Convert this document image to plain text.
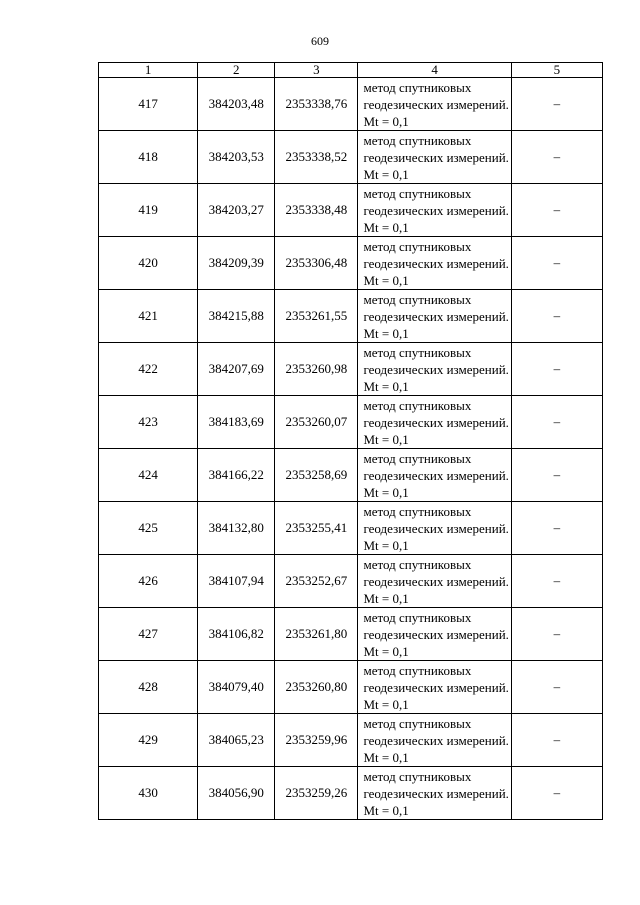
609
1	2	3	4	5
417	384203,48	2353338,76	метод спутниковых геодезических измерений. Mt = 0,1	–
418	384203,53	2353338,52	метод спутниковых геодезических измерений. Mt = 0,1	–
419	384203,27	2353338,48	метод спутниковых геодезических измерений. Mt = 0,1	–
420	384209,39	2353306,48	метод спутниковых геодезических измерений. Mt = 0,1	–
421	384215,88	2353261,55	метод спутниковых геодезических измерений. Mt = 0,1	–
422	384207,69	2353260,98	метод спутниковых геодезических измерений. Mt = 0,1	–
423	384183,69	2353260,07	метод спутниковых геодезических измерений. Mt = 0,1	–
424	384166,22	2353258,69	метод спутниковых геодезических измерений. Mt = 0,1	–
425	384132,80	2353255,41	метод спутниковых геодезических измерений. Mt = 0,1	–
426	384107,94	2353252,67	метод спутниковых геодезических измерений. Mt = 0,1	–
427	384106,82	2353261,80	метод спутниковых геодезических измерений. Mt = 0,1	–
428	384079,40	2353260,80	метод спутниковых геодезических измерений. Mt = 0,1	–
429	384065,23	2353259,96	метод спутниковых геодезических измерений. Mt = 0,1	–
430	384056,90	2353259,26	метод спутниковых геодезических измерений. Mt = 0,1	–
